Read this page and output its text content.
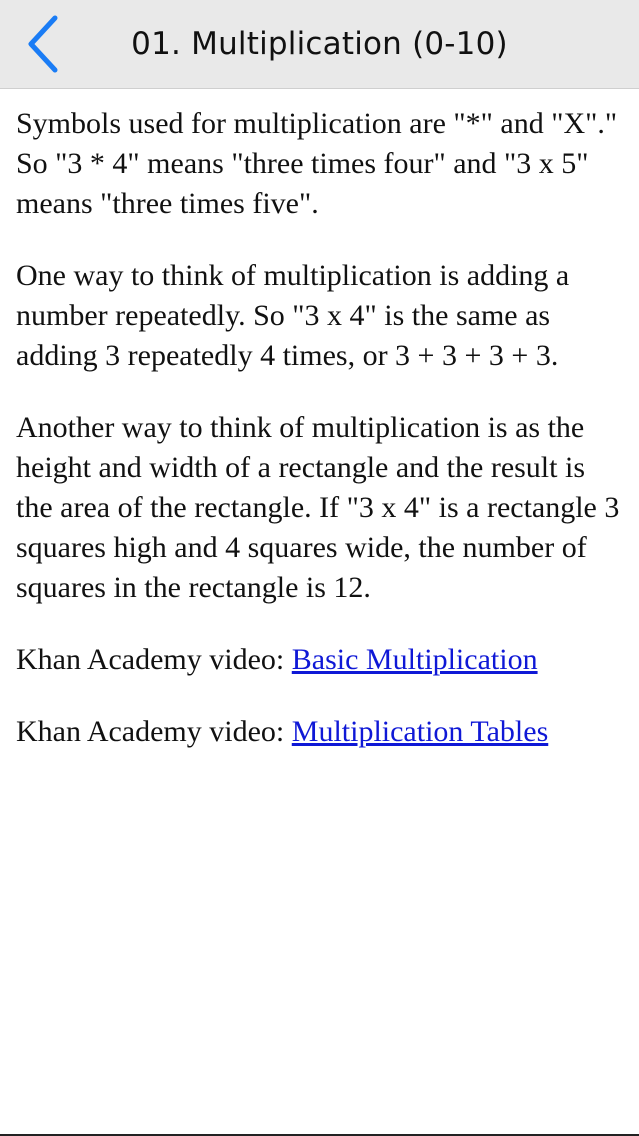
01. Multiplication (0-10)

Symbols used for multiplication are "*" and "X"." So "3 * 4" means "three times four" and "3 x 5" means "three times five".

One way to think of multiplication is adding a number repeatedly. So "3 x 4" is the same as adding 3 repeatedly 4 times, or 3 + 3 + 3 + 3.

Another way to think of multiplication is as the height and width of a rectangle and the result is the area of the rectangle. If "3 x 4" is a rectangle 3 squares high and 4 squares wide, the number of squares in the rectangle is 12.

Khan Academy video: Basic Multiplication
Khan Academy video: Multiplication Tables
